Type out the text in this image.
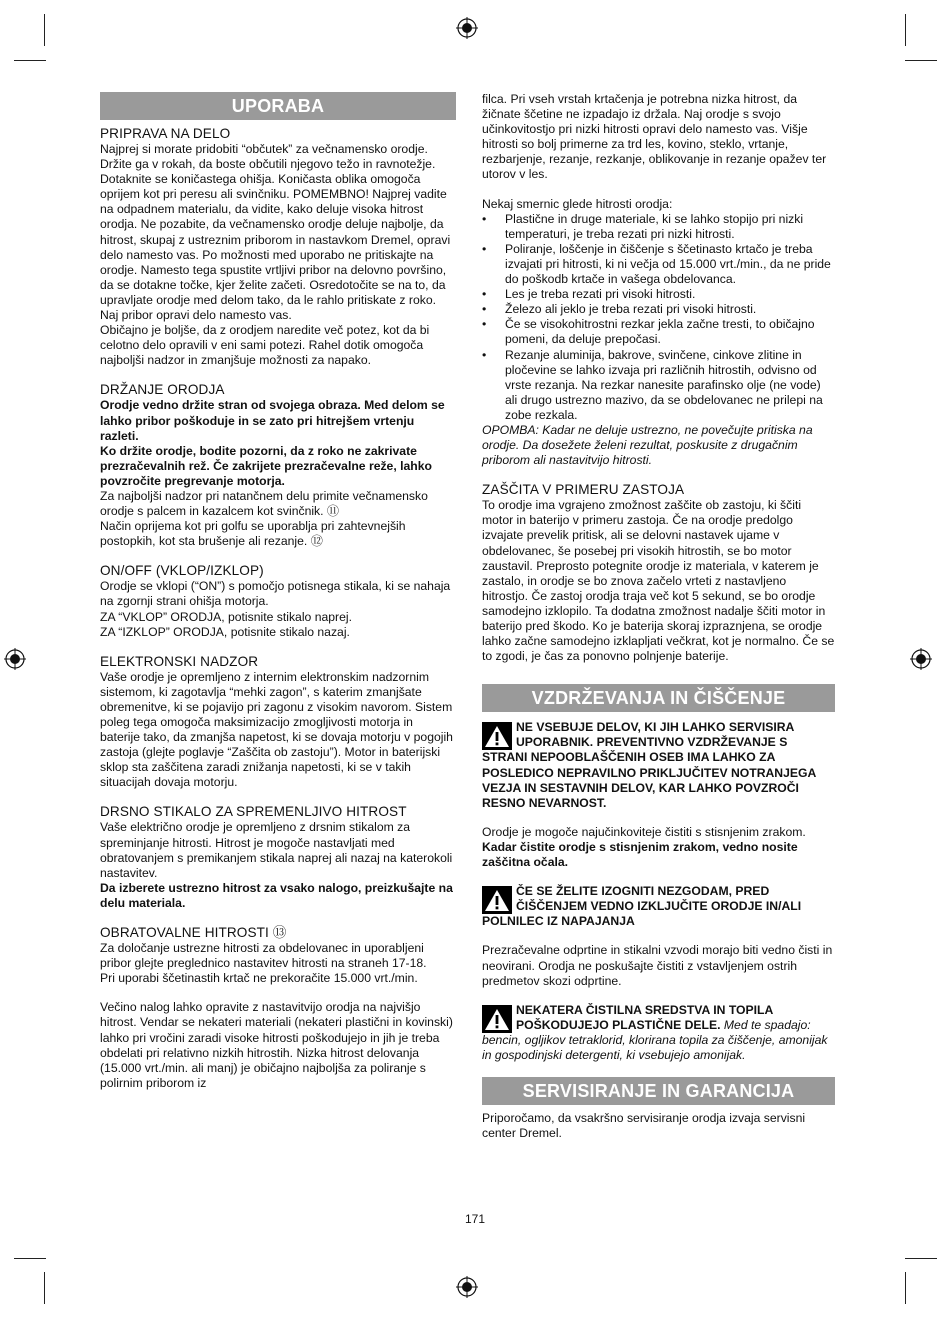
UPORABA
PRIPRAVA NA DELO

Najprej si morate pridobiti “občutek” za večnamensko orodje. Držite ga v rokah, da boste občutili njegovo težo in ravnotežje. Dotaknite se koničastega ohišja. Koničasta oblika omogoča oprijem kot pri peresu ali svinčniku. POMEMBNO! Najprej vadite na odpadnem materialu, da vidite, kako deluje visoka hitrost orodja. Ne pozabite, da večnamensko orodje deluje najbolje, da hitrost, skupaj z ustreznim priborom in nastavkom Dremel, opravi delo namesto vas. Po možnosti med uporabo ne pritiskajte na orodje. Namesto tega spustite vrtljivi pribor na delovno površino, da se dotakne točke, kjer želite začeti. Osredotočite se na to, da upravljate orodje med delom tako, da le rahlo pritiskate z roko. Naj pribor opravi delo namesto vas.

Običajno je boljše, da z orodjem naredite več potez, kot da bi celotno delo opravili v eni sami potezi. Rahel dotik omogoča najboljši nadzor in zmanjšuje možnosti za napako.

DRŽANJE ORODJA

Orodje vedno držite stran od svojega obraza. Med delom se lahko pribor poškoduje in se zato pri hitrejšem vrtenju razleti.

Ko držite orodje, bodite pozorni, da z roko ne zakrivate prezračevalnih rež. Če zakrijete prezračevalne reže, lahko povzročite pregrevanje motorja.

Za najboljši nadzor pri natančnem delu primite večnamensko orodje s palcem in kazalcem kot svinčnik. ⑪

Način oprijema kot pri golfu se uporablja pri zahtevnejših postopkih, kot sta brušenje ali rezanje. ⑫

ON/OFF (VKLOP/IZKLOP)

Orodje se vklopi (“ON”) s pomočjo potisnega stikala, ki se nahaja na zgornji strani ohišja motorja.

ZA “VKLOP” ORODJA, potisnite stikalo naprej.

ZA “IZKLOP” ORODJA, potisnite stikalo nazaj.

ELEKTRONSKI NADZOR

Vaše orodje je opremljeno z internim elektronskim nadzornim sistemom, ki zagotavlja “mehki zagon”, s katerim zmanjšate obremenitve, ki se pojavijo pri zagonu z visokim navorom. Sistem poleg tega omogoča maksimizacijo zmogljivosti motorja in baterije tako, da zmanjša napetost, ki se dovaja motorju v pogojih zastoja (glejte poglavje “Zaščita ob zastoju”). Motor in baterijski sklop sta zaščitena zaradi znižanja napetosti, ki se v takih situacijah dovaja motorju.

DRSNO STIKALO ZA SPREMENLJIVO HITROST

Vaše električno orodje je opremljeno z drsnim stikalom za spreminjanje hitrosti. Hitrost je mogoče nastavljati med obratovanjem s premikanjem stikala naprej ali nazaj na katerokoli nastavitev.

Da izberete ustrezno hitrost za vsako nalogo, preizkušajte na delu materiala.

OBRATOVALNE HITROSTI ⑬

Za določanje ustrezne hitrosti za obdelovanec in uporabljeni pribor glejte preglednico nastavitev hitrosti na straneh 17-18.

Pri uporabi ščetinastih krtač ne prekoračite 15.000 vrt./min.

Večino nalog lahko opravite z nastavitvijo orodja na najvišjo hitrost. Vendar se nekateri materiali (nekateri plastični in kovinski) lahko pri vročini zaradi visoke hitrosti poškodujejo in jih je treba obdelati pri relativno nizkih hitrostih. Nizka hitrost delovanja (15.000 vrt./min. ali manj) je običajno najboljša za poliranje s polirnim priborom iz

filca. Pri vseh vrstah krtačenja je potrebna nizka hitrost, da žičnate ščetine ne izpadajo iz držala. Naj orodje s svojo učinkovitostjo pri nizki hitrosti opravi delo namesto vas. Višje hitrosti so bolj primerne za trd les, kovino, steklo, vrtanje, rezbarjenje, rezanje, rezkanje, oblikovanje in rezanje opažev ter utorov v les.

Nekaj smernic glede hitrosti orodja:

• Plastične in druge materiale, ki se lahko stopijo pri nizki temperaturi, je treba rezati pri nizki hitrosti.
• Poliranje, loščenje in čiščenje s ščetinasto krtačo je treba izvajati pri hitrosti, ki ni večja od 15.000 vrt./min., da ne pride do poškodb krtače in vašega obdelovanca.
• Les je treba rezati pri visoki hitrosti.
• Železo ali jeklo je treba rezati pri visoki hitrosti.
• Če se visokohitrostni rezkar jekla začne tresti, to običajno pomeni, da deluje prepočasi.
• Rezanje aluminija, bakrove, svinčene, cinkove zlitine in pločevine se lahko izvaja pri različnih hitrostih, odvisno od vrste rezanja. Na rezkar nanesite parafinsko olje (ne vode) ali drugo ustrezno mazivo, da se obdelovanec ne prilepi na zobe rezkala.

OPOMBA: Kadar ne deluje ustrezno, ne povečujte pritiska na orodje. Da dosežete želeni rezultat, poskusite z drugačnim priborom ali nastavitvijo hitrosti.

ZAŠČITA V PRIMERU ZASTOJA

To orodje ima vgrajeno zmožnost zaščite ob zastoju, ki ščiti motor in baterijo v primeru zastoja. Če na orodje predolgo izvajate prevelik pritisk, ali se delovni nastavek ujame v obdelovanec, še posebej pri visokih hitrostih, se bo motor zaustavil. Preprosto potegnite orodje iz materiala, v katerem je zastalo, in orodje se bo znova začelo vrteti z nastavljeno hitrostjo. Če zastoj orodja traja več kot 5 sekund, se bo orodje samodejno izklopilo. Ta dodatna zmožnost nadalje ščiti motor in baterijo pred škodo. Ko je baterija skoraj izpraznjena, se orodje lahko začne samodejno izklapljati večkrat, kot je normalno. Če se to zgodi, je čas za ponovno polnjenje baterije.

VZDRŽEVANJA IN ČIŠČENJE
NE VSEBUJE DELOV, KI JIH LAHKO SERVISIRA
UPORABNIK. PREVENTIVNO VZDRŽEVANJE S STRANI NEPOOBLAŠČENIH OSEB IMA LAHKO ZA POSLEDICO NEPRAVILNO PRIKLJUČITEV NOTRANJEGA VEZJA IN SESTAVNIH DELOV, KAR LAHKO POVZROČI RESNO NEVARNOST.

Orodje je mogoče najučinkoviteje čistiti s stisnjenim zrakom. Kadar čistite orodje s stisnjenim zrakom, vedno nosite zaščitna očala.

ČE SE ŽELITE IZOGNITI NEZGODAM, PRED
ČIŠČENJEM VEDNO IZKLJUČITE ORODJE IN/ALI POLNILEC IZ NAPAJANJA

Prezračevalne odprtine in stikalni vzvodi morajo biti vedno čisti in neovirani. Orodja ne poskušajte čistiti z vstavljenjem ostrih predmetov skozi odprtine.

NEKATERA ČISTILNA SREDSTVA IN TOPILA
POŠKODUJEJO PLASTIČNE DELE. Med te spadajo: bencin, ogljikov tetraklorid, klorirana topila za čiščenje, amonijak in gospodinjski detergenti, ki vsebujejo amonijak.
SERVISIRANJE IN GARANCIJA

Priporočamo, da vsakršno servisiranje orodja izvaja servisni center Dremel.

171
